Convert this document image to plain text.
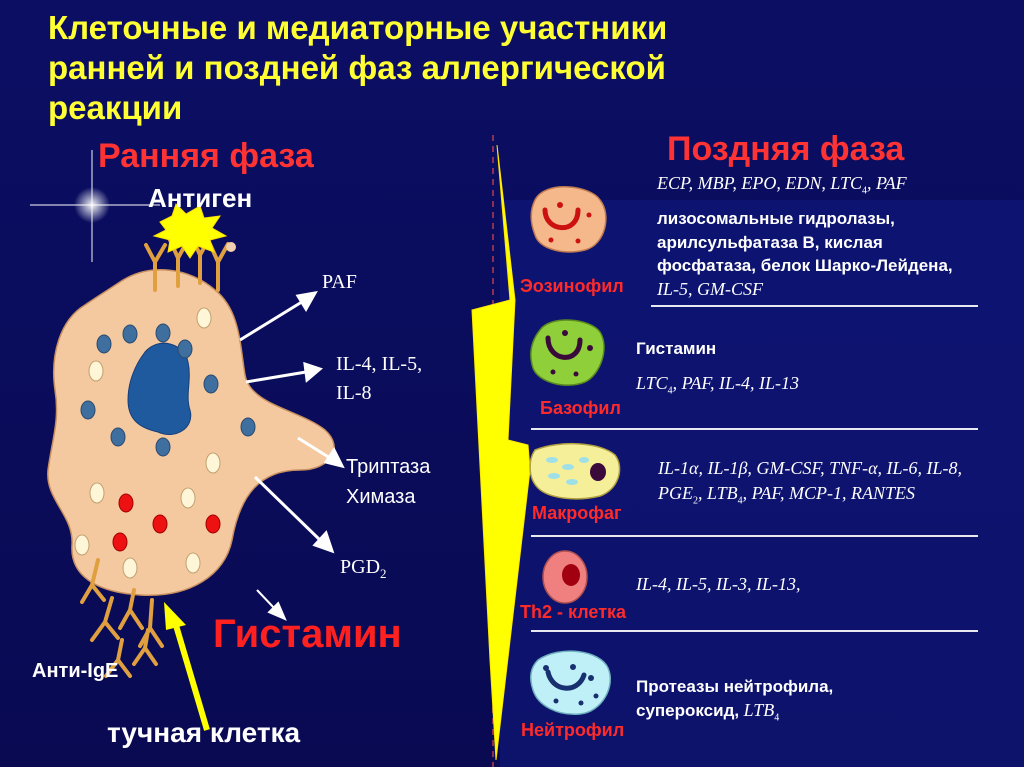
Клеточные и медиаторные участники
ранней и поздней фаз аллергической
реакции
Ранняя фаза
Антиген
PAF
IL-4, IL-5,
IL-8
Триптаза
Химаза
$PGD_2$
Гистамин
Анти-IgE
тучная клетка
Поздняя фаза
ECP, MBP, EPO, EDN, $LTC_4$, PAF
лизосомальные гидролазы, арилсульфатаза В, кислая фосфатаза, белок Шарко-Лейдена, IL-5, GM-CSF
Эозинофил
Гистамин
$LTC_4$, PAF, IL-4, IL-13
Базофил
IL-1α, IL-1β, GM-CSF, TNF-α, IL-6, IL-8, $PGE_2$, $LTB_4$, PAF, MCP-1, RANTES
Макрофаг
IL-4, IL-5, IL-3, IL-13,
Th2 - клетка
Протеазы нейтрофила,
супероксид, $LTB_4$
Нейтрофил
